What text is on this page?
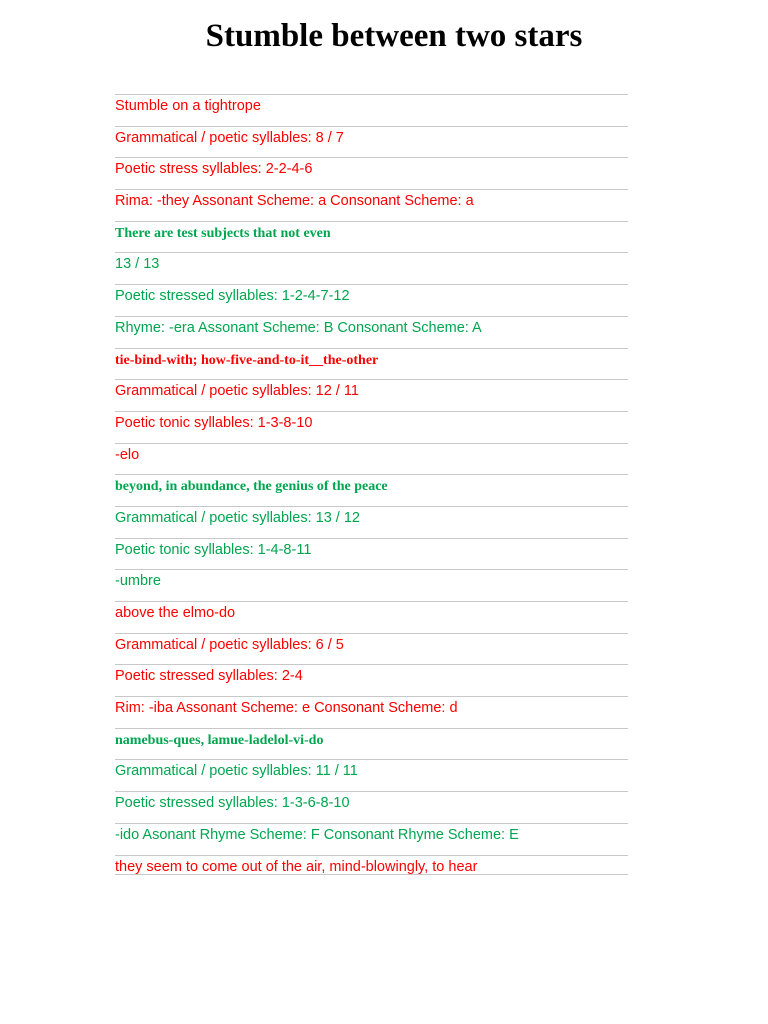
Stumble between two stars
Stumble on a tightrope
Grammatical / poetic syllables: 8 / 7
Poetic stress syllables: 2-2-4-6
Rima: -they Assonant Scheme: a Consonant Scheme: a
There are test subjects that not even
13 / 13
Poetic stressed syllables: 1-2-4-7-12
Rhyme: -era Assonant Scheme: B Consonant Scheme: A
tie-bind-with; how-five-and-to-it__the-other
Grammatical / poetic syllables: 12 / 11
Poetic tonic syllables: 1-3-8-10
-elo
beyond, in abundance, the genius of the peace
Grammatical / poetic syllables: 13 / 12
Poetic tonic syllables: 1-4-8-11
-umbre
above the elmo-do
Grammatical / poetic syllables: 6 / 5
Poetic stressed syllables: 2-4
Rim: -iba Assonant Scheme: e Consonant Scheme: d
namebus-ques, lamue-ladelol-vi-do
Grammatical / poetic syllables: 11 / 11
Poetic stressed syllables: 1-3-6-8-10
-ido Asonant Rhyme Scheme: F Consonant Rhyme Scheme: E
they seem to come out of the air, mind-blowingly, to hear
